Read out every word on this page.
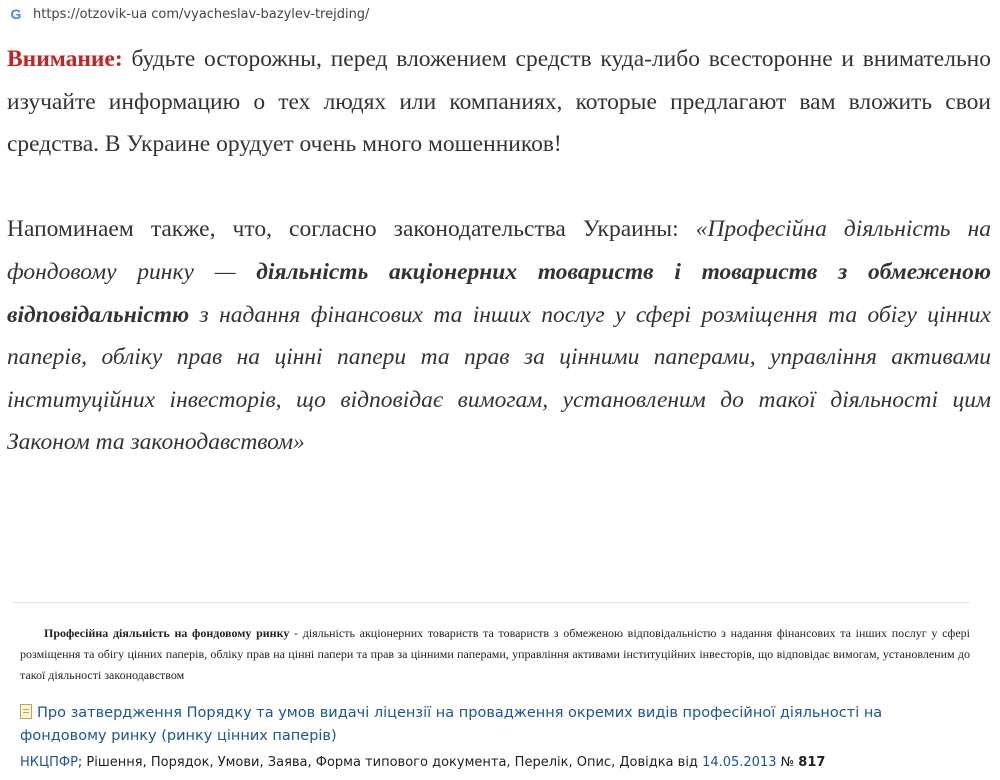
G https://otzovik-ua com/vyacheslav-bazylev-trejding/

Внимание: будьте осторожны, перед вложением средств куда-либо всесторонне и внимательно изучайте информацию о тех людях или компаниях, которые предлагают вам вложить свои средства. В Украине орудует очень много мошенников!

Напоминаем также, что, согласно законодательства Украины: «Професійна діяльність на фондовому ринку — діяльність акціонерних товариств і товариств з обмеженою відповідальністю з надання фінансових та інших послуг у сфері розміщення та обігу цінних паперів, обліку прав на цінні папери та прав за цінними паперами, управління активами інституційних інвесторів, що відповідає вимогам, установленим до такої діяльності цим Законом та законодавством»

Професійна діяльність на фондовому ринку - діяльність акціонерних товариств та товариств з обмеженою відповідальністю з надання фінансових та інших послуг у сфері розміщення та обігу цінних паперів, обліку прав на цінні папери та прав за цінними паперами, управління активами інституційних інвесторів, що відповідає вимогам, установленим до такої діяльності законодавством
Про затвердження Порядку та умов видачі ліцензії на провадження окремих видів професійної діяльності на фондовому ринку (ринку цінних паперів)
НКЦПФР; Рішення, Порядок, Умови, Заява, Форма типового документа, Перелік, Опис, Довідка від 14.05.2013 № 817
